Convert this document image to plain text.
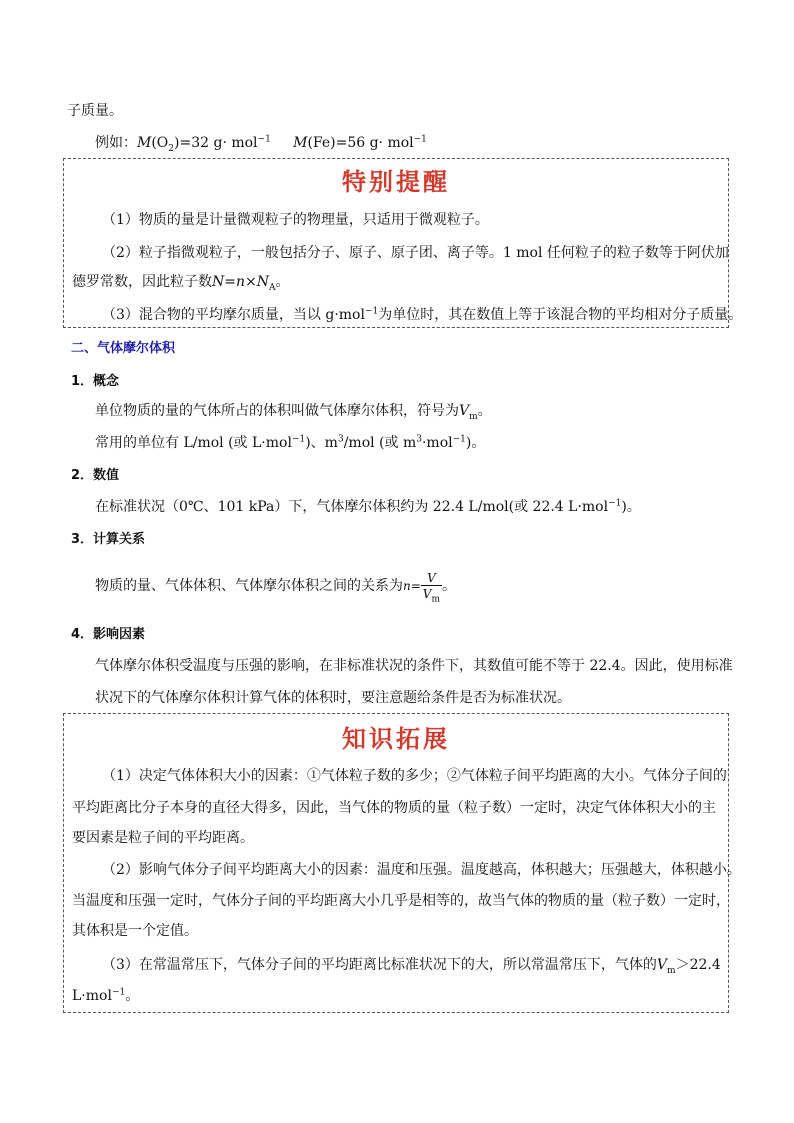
子质量。
例如：$M(O_2)=32$ g· mol$^{-1}$ M(Fe)=56 g· mol$^{-1}$
特别提醒
（1）物质的量是计量微观粒子的物理量，只适用于微观粒子。
（2）粒子指微观粒子，一般包括分子、原子、原子团、离子等。1 mol 任何粒子的粒子数等于阿伏加
德罗常数，因此粒子数$N=n\times N_A$。
（3）混合物的平均摩尔质量，当以 g·mol$^{-1}$为单位时，其在数值上等于该混合物的平均相对分子质量。
二、气体摩尔体积
1．概念
单位物质的量的气体所占的体积叫做气体摩尔体积，符号为$V_m$。
常用的单位有 L/mol (或 L·mol$^{-1}$)、$m^3$/mol (或 $m^3\cdot mol^{-1}$)。
2．数值
在标准状况（0℃、101 kPa）下，气体摩尔体积约为 22.4 L/mol(或 22.4 L·mol$^{-1}$)。
3．计算关系
物质的量、气体体积、气体摩尔体积之间的关系为$n= \frac{V}{V_m}$ 。
4．影响因素
气体摩尔体积受温度与压强的影响，在非标准状况的条件下，其数值可能不等于 22.4。因此，使用标准
状况下的气体摩尔体积计算气体的体积时，要注意题给条件是否为标准状况。
知识拓展
（1）决定气体体积大小的因素：①气体粒子数的多少；②气体粒子间平均距离的大小。气体分子间的
平均距离比分子本身的直径大得多，因此，当气体的物质的量（粒子数）一定时，决定气体体积大小的主
要因素是粒子间的平均距离。
（2）影响气体分子间平均距离大小的因素：温度和压强。温度越高，体积越大；压强越大，体积越小。
当温度和压强一定时，气体分子间的平均距离大小几乎是相等的，故当气体的物质的量（粒子数）一定时，
其体积是一个定值。
（3）在常温常压下，气体分子间的平均距离比标准状况下的大，所以常温常压下，气体的$V_m>22.4$
L·mol$^{-1}$。
